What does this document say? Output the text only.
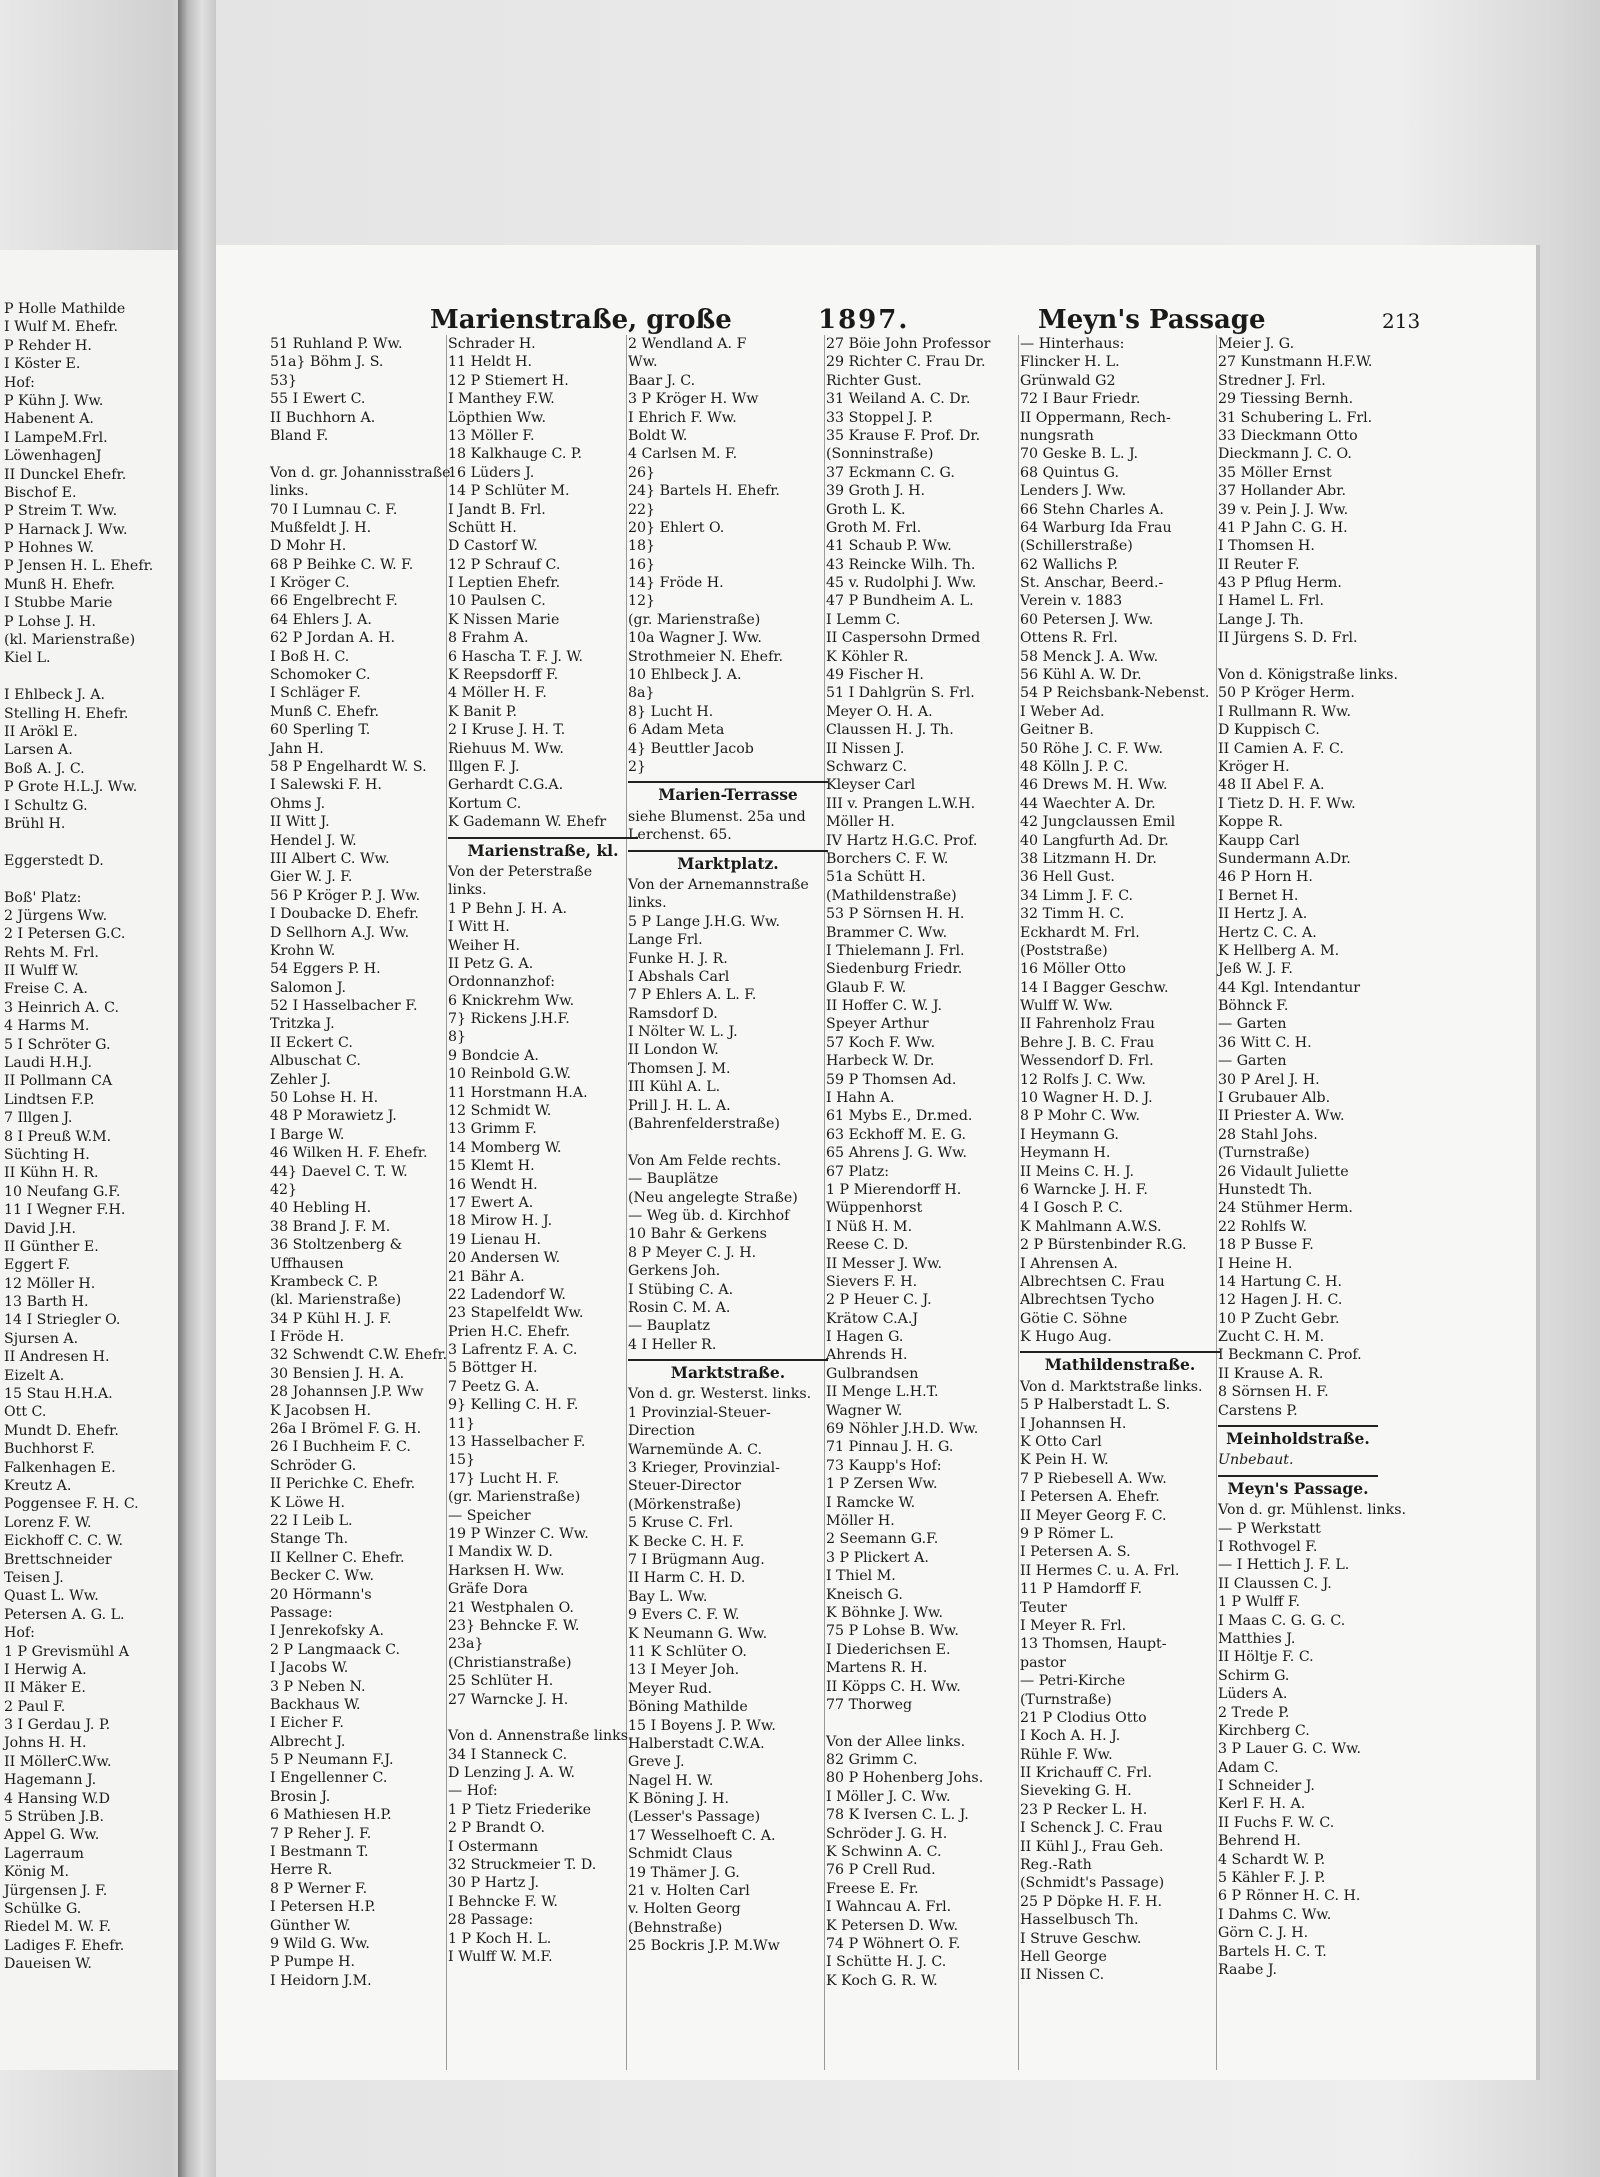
Marienstraße, große	1897.	Meyn's Passage	213
P Holle Mathilde
I Wulf M. Ehefr.
P Rehder H.
I Köster E.
Hof:
P Kühn J. Ww.
Habenent A.
I LampeM.Frl.
LöwenhagenJ
II Dunckel Ehefr.
Bischof E.
P Streim T. Ww.
P Harnack J. Ww.
P Hohnes W.
P Jensen H. L. Ehefr.
Munß H. Ehefr.
I Stubbe Marie
P Lohse J. H.
(kl. Marienstraße)
Kiel L.
I Ehlbeck J. A.
Stelling H. Ehefr.
II Arökl E.
Larsen A.
Boß A. J. C.
P Grote H.L.J. Ww.
I Schultz G.
Brühl H.
Eggerstedt D.
Boß' Platz:
2 Jürgens Ww.
2 I Petersen G.C.
Rehts M. Frl.
II Wulff W.
Freise C. A.
3 Heinrich A. C.
4 Harms M.
5 I Schröter G.
Laudi H.H.J.
II Pollmann CA
Lindtsen F.P.
7 Illgen J.
8 I Preuß W.M.
Süchting H.
II Kühn H. R.
10 Neufang G.F.
11 I Wegner F.H.
David J.H.
II Günther E.
Eggert F.
12 Möller H.
13 Barth H.
14 I Striegler O.
Sjursen A.
II Andresen H.
Eizelt A.
15 Stau H.H.A.
Ott C.
Mundt D. Ehefr.
Buchhorst F.
Falkenhagen E.
Kreutz A.
Poggensee F. H. C.
Lorenz F. W.
Eickhoff C. C. W.
Brettschneider
Teisen J.
Quast L. Ww.
Petersen A. G. L.
Hof:
1 P Grevismühl A
I Herwig A.
II Mäker E.
2 Paul F.
3 I Gerdau J. P.
Johns H. H.
II MöllerC.Ww.
Hagemann J.
4 Hansing W.D
5 Strüben J.B.
Appel G. Ww.
Lagerraum
König M.
Jürgensen J. F.
Schülke G.
Riedel M. W. F.
Ladiges F. Ehefr.
Daueisen W.
51 Ruhland P. Ww.
51a} Böhm J. S.
53}
55 I Ewert C.
II Buchhorn A.
Bland F.
Von d. gr. Johannisstraße
links.
70 I Lumnau C. F.
Mußfeldt J. H.
D Mohr H.
68 P Beihke C. W. F.
I Kröger C.
66 Engelbrecht F.
64 Ehlers J. A.
62 P Jordan A. H.
I Boß H. C.
Schomoker C.
I Schläger F.
Munß C. Ehefr.
60 Sperling T.
Jahn H.
58 P Engelhardt W. S.
I Salewski F. H.
Ohms J.
II Witt J.
Hendel J. W.
III Albert C. Ww.
Gier W. J. F.
56 P Kröger P. J. Ww.
I Doubacke D. Ehefr.
D Sellhorn A.J. Ww.
Krohn W.
54 Eggers P. H.
Salomon J.
52 I Hasselbacher F.
Tritzka J.
II Eckert C.
Albuschat C.
Zehler J.
50 Lohse H. H.
48 P Morawietz J.
I Barge W.
46 Wilken H. F. Ehefr.
44} Daevel C. T. W.
42}
40 Hebling H.
38 Brand J. F. M.
36 Stoltzenberg &
Uffhausen
Krambeck C. P.
(kl. Marienstraße)
34 P Kühl H. J. F.
I Fröde H.
32 Schwendt C.W. Ehefr.
30 Bensien J. H. A.
28 Johannsen J.P. Ww
K Jacobsen H.
26a I Brömel F. G. H.
26 I Buchheim F. C.
Schröder G.
II Perichke C. Ehefr.
K Löwe H.
22 I Leib L.
Stange Th.
II Kellner C. Ehefr.
Becker C. Ww.
20 Hörmann's
Passage:
I Jenrekofsky A.
2 P Langmaack C.
I Jacobs W.
3 P Neben N.
Backhaus W.
I Eicher F.
Albrecht J.
5 P Neumann F.J.
I Engellenner C.
Brosin J.
6 Mathiesen H.P.
7 P Reher J. F.
I Bestmann T.
Herre R.
8 P Werner F.
I Petersen H.P.
Günther W.
9 Wild G. Ww.
P Pumpe H.
I Heidorn J.M.
Schrader H.
11 Heldt H.
12 P Stiemert H.
I Manthey F.W.
Löpthien Ww.
13 Möller F.
18 Kalkhauge C. P.
16 Lüders J.
14 P Schlüter M.
I Jandt B. Frl.
Schütt H.
D Castorf W.
12 P Schrauf C.
I Leptien Ehefr.
10 Paulsen C.
K Nissen Marie
8 Frahm A.
6 Hascha T. F. J. W.
K Reepsdorff F.
4 Möller H. F.
K Banit P.
2 I Kruse J. H. T.
Riehuus M. Ww.
Illgen F. J.
Gerhardt C.G.A.
Kortum C.
K Gademann W. Ehefr
Marienstraße, kl.
Von der Peterstraße
links.
1 P Behn J. H. A.
I Witt H.
Weiher H.
II Petz G. A.
Ordonnanzhof:
6 Knickrehm Ww.
7} Rickens J.H.F.
8}
9 Bondcie A.
10 Reinbold G.W.
11 Horstmann H.A.
12 Schmidt W.
13 Grimm F.
14 Momberg W.
15 Klemt H.
16 Wendt H.
17 Ewert A.
18 Mirow H. J.
19 Lienau H.
20 Andersen W.
21 Bähr A.
22 Ladendorf W.
23 Stapelfeldt Ww.
Prien H.C. Ehefr.
3 Lafrentz F. A. C.
5 Böttger H.
7 Peetz G. A.
9} Kelling C. H. F.
11}
13 Hasselbacher F.
15}
17} Lucht H. F.
(gr. Marienstraße)
— Speicher
19 P Winzer C. Ww.
I Mandix W. D.
Harksen H. Ww.
Gräfe Dora
21 Westphalen O.
23} Behncke F. W.
23a}
(Christianstraße)
25 Schlüter H.
27 Warncke J. H.
Von d. Annenstraße links.
34 I Stanneck C.
D Lenzing J. A. W.
— Hof:
1 P Tietz Friederike
2 P Brandt O.
I Ostermann
32 Struckmeier T. D.
30 P Hartz J.
I Behncke F. W.
28 Passage:
1 P Koch H. L.
I Wulff W. M.F.
2 Wendland A. F
Ww.
Baar J. C.
3 P Kröger H. Ww
I Ehrich F. Ww.
Boldt W.
4 Carlsen M. F.
26}
24} Bartels H. Ehefr.
22}
20} Ehlert O.
18}
16}
14} Fröde H.
12}
(gr. Marienstraße)
10a Wagner J. Ww.
Strothmeier N. Ehefr.
10 Ehlbeck J. A.
8a}
8} Lucht H.
6 Adam Meta
4} Beuttler Jacob
2}
Marien-Terrasse
siehe Blumenst. 25a und
Lerchenst. 65.
Marktplatz.
Von der Arnemannstraße
links.
5 P Lange J.H.G. Ww.
Lange Frl.
Funke H. J. R.
I Abshals Carl
7 P Ehlers A. L. F.
Ramsdorf D.
I Nölter W. L. J.
II London W.
Thomsen J. M.
III Kühl A. L.
Prill J. H. L. A.
(Bahrenfelderstraße)
Von Am Felde rechts.
— Bauplätze
(Neu angelegte Straße)
— Weg üb. d. Kirchhof
10 Bahr & Gerkens
8 P Meyer C. J. H.
Gerkens Joh.
I Stübing C. A.
Rosin C. M. A.
— Bauplatz
4 I Heller R.
Marktstraße.
Von d. gr. Westerst. links.
1 Provinzial-Steuer-
Direction
Warnemünde A. C.
3 Krieger, Provinzial-
Steuer-Director
(Mörkenstraße)
5 Kruse C. Frl.
K Becke C. H. F.
7 I Brügmann Aug.
II Harm C. H. D.
Bay L. Ww.
9 Evers C. F. W.
K Neumann G. Ww.
11 K Schlüter O.
13 I Meyer Joh.
Meyer Rud.
Böning Mathilde
15 I Boyens J. P. Ww.
Halberstadt C.W.A.
Greve J.
Nagel H. W.
K Böning J. H.
(Lesser's Passage)
17 Wesselhoeft C. A.
Schmidt Claus
19 Thämer J. G.
21 v. Holten Carl
v. Holten Georg
(Behnstraße)
25 Bockris J.P. M.Ww
27 Böie John Professor
29 Richter C. Frau Dr.
Richter Gust.
31 Weiland A. C. Dr.
33 Stoppel J. P.
35 Krause F. Prof. Dr.
(Sonninstraße)
37 Eckmann C. G.
39 Groth J. H.
Groth L. K.
Groth M. Frl.
41 Schaub P. Ww.
43 Reincke Wilh. Th.
45 v. Rudolphi J. Ww.
47 P Bundheim A. L.
I Lemm C.
II Caspersohn Drmed
K Köhler R.
49 Fischer H.
51 I Dahlgrün S. Frl.
Meyer O. H. A.
Claussen H. J. Th.
II Nissen J.
Schwarz C.
Kleyser Carl
III v. Prangen L.W.H.
Möller H.
IV Hartz H.G.C. Prof.
Borchers C. F. W.
51a Schütt H.
(Mathildenstraße)
53 P Sörnsen H. H.
Brammer C. Ww.
I Thielemann J. Frl.
Siedenburg Friedr.
Glaub F. W.
II Hoffer C. W. J.
Speyer Arthur
57 Koch F. Ww.
Harbeck W. Dr.
59 P Thomsen Ad.
I Hahn A.
61 Mybs E., Dr.med.
63 Eckhoff M. E. G.
65 Ahrens J. G. Ww.
67 Platz:
1 P Mierendorff H.
Wüppenhorst
I Nüß H. M.
Reese C. D.
II Messer J. Ww.
Sievers F. H.
2 P Heuer C. J.
Krätow C.A.J
I Hagen G.
Ahrends H.
Gulbrandsen
II Menge L.H.T.
Wagner W.
69 Nöhler J.H.D. Ww.
71 Pinnau J. H. G.
73 Kaupp's Hof:
1 P Zersen Ww.
I Ramcke W.
Möller H.
2 Seemann G.F.
3 P Plickert A.
I Thiel M.
Kneisch G.
K Böhnke J. Ww.
75 P Lohse B. Ww.
I Diederichsen E.
Martens R. H.
II Köpps C. H. Ww.
77 Thorweg
Von der Allee links.
82 Grimm C.
80 P Hohenberg Johs.
I Möller J. C. Ww.
78 K Iversen C. L. J.
Schröder J. G. H.
K Schwinn A. C.
76 P Crell Rud.
Freese E. Fr.
I Wahncau A. Frl.
K Petersen D. Ww.
74 P Wöhnert O. F.
I Schütte H. J. C.
K Koch G. R. W.
— Hinterhaus:
Flincker H. L.
Grünwald G2
72 I Baur Friedr.
II Oppermann, Rech-
nungsrath
70 Geske B. L. J.
68 Quintus G.
Lenders J. Ww.
66 Stehn Charles A.
64 Warburg Ida Frau
(Schillerstraße)
62 Wallichs P.
St. Anschar, Beerd.-
Verein v. 1883
60 Petersen J. Ww.
Ottens R. Frl.
58 Menck J. A. Ww.
56 Kühl A. W. Dr.
54 P Reichsbank-Nebenst.
I Weber Ad.
Geitner B.
50 Röhe J. C. F. Ww.
48 Kölln J. P. C.
46 Drews M. H. Ww.
44 Waechter A. Dr.
42 Jungclaussen Emil
40 Langfurth Ad. Dr.
38 Litzmann H. Dr.
36 Hell Gust.
34 Limm J. F. C.
32 Timm H. C.
Eckhardt M. Frl.
(Poststraße)
16 Möller Otto
14 I Bagger Geschw.
Wulff W. Ww.
II Fahrenholz Frau
Behre J. B. C. Frau
Wessendorf D. Frl.
12 Rolfs J. C. Ww.
10 Wagner H. D. J.
8 P Mohr C. Ww.
I Heymann G.
Heymann H.
II Meins C. H. J.
6 Warncke J. H. F.
4 I Gosch P. C.
K Mahlmann A.W.S.
2 P Bürstenbinder R.G.
I Ahrensen A.
Albrechtsen C. Frau
Albrechtsen Tycho
Götie C. Söhne
K Hugo Aug.
Mathildenstraße.
Von d. Marktstraße links.
5 P Halberstadt L. S.
I Johannsen H.
K Otto Carl
K Pein H. W.
7 P Riebesell A. Ww.
I Petersen A. Ehefr.
II Meyer Georg F. C.
9 P Römer L.
I Petersen A. S.
II Hermes C. u. A. Frl.
11 P Hamdorff F.
Teuter
I Meyer R. Frl.
13 Thomsen, Haupt-
pastor
— Petri-Kirche
(Turnstraße)
21 P Clodius Otto
I Koch A. H. J.
Rühle F. Ww.
II Krichauff C. Frl.
Sieveking G. H.
23 P Recker L. H.
I Schenck J. C. Frau
II Kühl J., Frau Geh.
Reg.-Rath
(Schmidt's Passage)
25 P Döpke H. F. H.
Hasselbusch Th.
I Struve Geschw.
Hell George
II Nissen C.
Meier J. G.
27 Kunstmann H.F.W.
Stredner J. Frl.
29 Tiessing Bernh.
31 Schubering L. Frl.
33 Dieckmann Otto
Dieckmann J. C. O.
35 Möller Ernst
37 Hollander Abr.
39 v. Pein J. J. Ww.
41 P Jahn C. G. H.
I Thomsen H.
II Reuter F.
43 P Pflug Herm.
I Hamel L. Frl.
Lange J. Th.
II Jürgens S. D. Frl.
Von d. Königstraße links.
50 P Kröger Herm.
I Rullmann R. Ww.
D Kuppisch C.
II Camien A. F. C.
Kröger H.
48 II Abel F. A.
I Tietz D. H. F. Ww.
Koppe R.
Kaupp Carl
Sundermann A.Dr.
46 P Horn H.
I Bernet H.
II Hertz J. A.
Hertz C. C. A.
K Hellberg A. M.
Jeß W. J. F.
44 Kgl. Intendantur
Böhnck F.
— Garten
36 Witt C. H.
— Garten
30 P Arel J. H.
I Grubauer Alb.
II Priester A. Ww.
28 Stahl Johs.
(Turnstraße)
26 Vidault Juliette
Hunstedt Th.
24 Stühmer Herm.
22 Rohlfs W.
18 P Busse F.
I Heine H.
14 Hartung C. H.
12 Hagen J. H. C.
10 P Zucht Gebr.
Zucht C. H. M.
I Beckmann C. Prof.
II Krause A. R.
8 Sörnsen H. F.
Carstens P.
Meinholdstraße.
Unbebaut.
Meyn's Passage.
Von d. gr. Mühlenst. links.
— P Werkstatt
I Rothvogel F.
— I Hettich J. F. L.
II Claussen C. J.
1 P Wulff F.
I Maas C. G. G. C.
Matthies J.
II Höltje F. C.
Schirm G.
Lüders A.
2 Trede P.
Kirchberg C.
3 P Lauer G. C. Ww.
Adam C.
I Schneider J.
Kerl F. H. A.
II Fuchs F. W. C.
Behrend H.
4 Schardt W. P.
5 Kähler F. J. P.
6 P Rönner H. C. H.
I Dahms C. Ww.
Görn C. J. H.
Bartels H. C. T.
Raabe J.
